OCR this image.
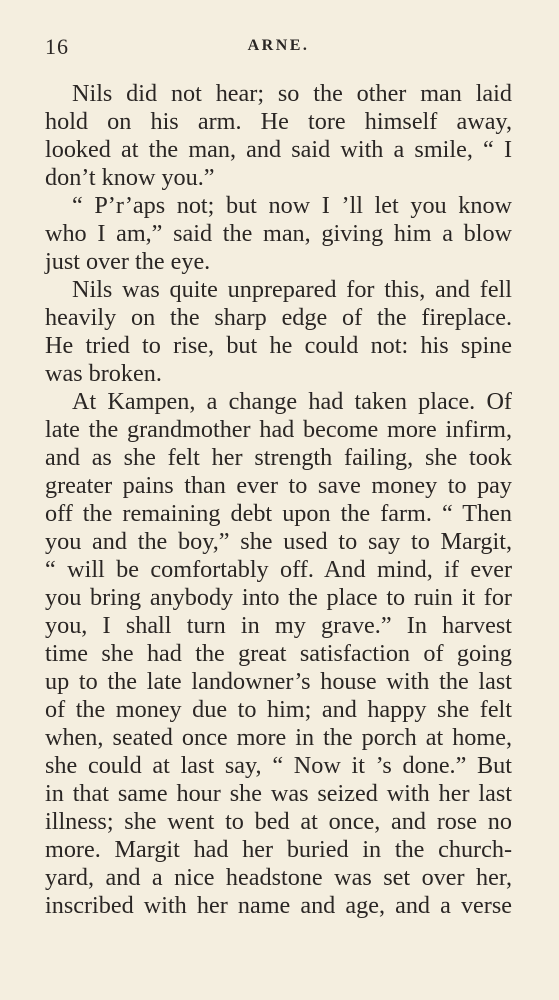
16	ARNE.
Nils did not hear; so the other man laid
hold on his arm. He tore himself away,
looked at the man, and said with a smile, “ I
don’t know you.”
“ P’r’aps not; but now I ’ll let you know
who I am,” said the man, giving him a blow
just over the eye.
Nils was quite unprepared for this, and fell
heavily on the sharp edge of the fireplace.
He tried to rise, but he could not: his spine
was broken.
At Kampen, a change had taken place. Of
late the grandmother had become more infirm,
and as she felt her strength failing, she took
greater pains than ever to save money to pay
off the remaining debt upon the farm. “ Then
you and the boy,” she used to say to Margit,
“ will be comfortably off. And mind, if ever
you bring anybody into the place to ruin it for
you, I shall turn in my grave.” In harvest
time she had the great satisfaction of going
up to the late landowner’s house with the last
of the money due to him; and happy she felt
when, seated once more in the porch at home,
she could at last say, “ Now it ’s done.” But
in that same hour she was seized with her last
illness; she went to bed at once, and rose no
more. Margit had her buried in the church-
yard, and a nice headstone was set over her,
inscribed with her name and age, and a verse
